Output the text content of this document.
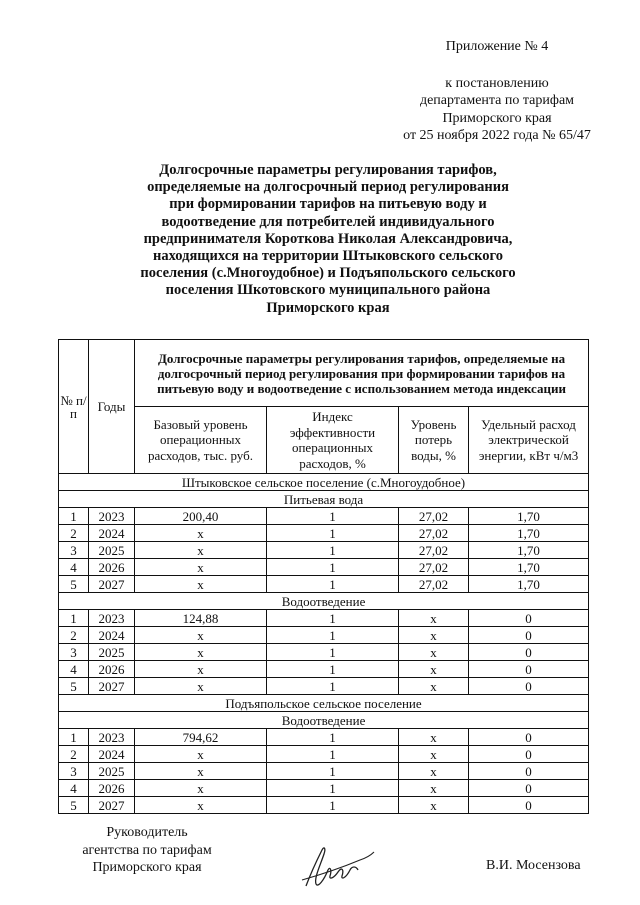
Приложение № 4
к постановлению
департамента по тарифам
Приморского края
от 25 ноября 2022 года № 65/47
Долгосрочные параметры регулирования тарифов,
определяемые на долгосрочный период регулирования
при формировании тарифов на питьевую воду и
водоотведение для потребителей индивидуального
предпринимателя Короткова Николая Александровича,
находящихся на территории Штыковского сельского
поселения (с.Многоудобное) и Подъяпольского сельского
поселения Шкотовского муниципального района
Приморского края
№ п/п	Годы	Долгосрочные параметры регулирования тарифов, определяемые на долгосрочный период регулирования при формировании тарифов на питьевую воду и водоотведение с использованием метода индексации			
		Базовый уровень операционных расходов, тыс. руб.	Индекс эффективности операционных расходов, %	Уровень потерь воды, %	Удельный расход электрической энергии, кВт ч/м3
Штыковское сельское поселение (с.Многоудобное)					
Питьевая вода					
1	2023	200,40	1	27,02	1,70
2	2024	х	1	27,02	1,70
3	2025	х	1	27,02	1,70
4	2026	х	1	27,02	1,70
5	2027	х	1	27,02	1,70
Водоотведение					
1	2023	124,88	1	х	0
2	2024	х	1	х	0
3	2025	х	1	х	0
4	2026	х	1	х	0
5	2027	х	1	х	0
Подъяпольское сельское поселение					
Водоотведение					
1	2023	794,62	1	х	0
2	2024	х	1	х	0
3	2025	х	1	х	0
4	2026	х	1	х	0
5	2027	х	1	х	0
Руководитель
агентства по тарифам
Приморского края	В.И. Мосензова
